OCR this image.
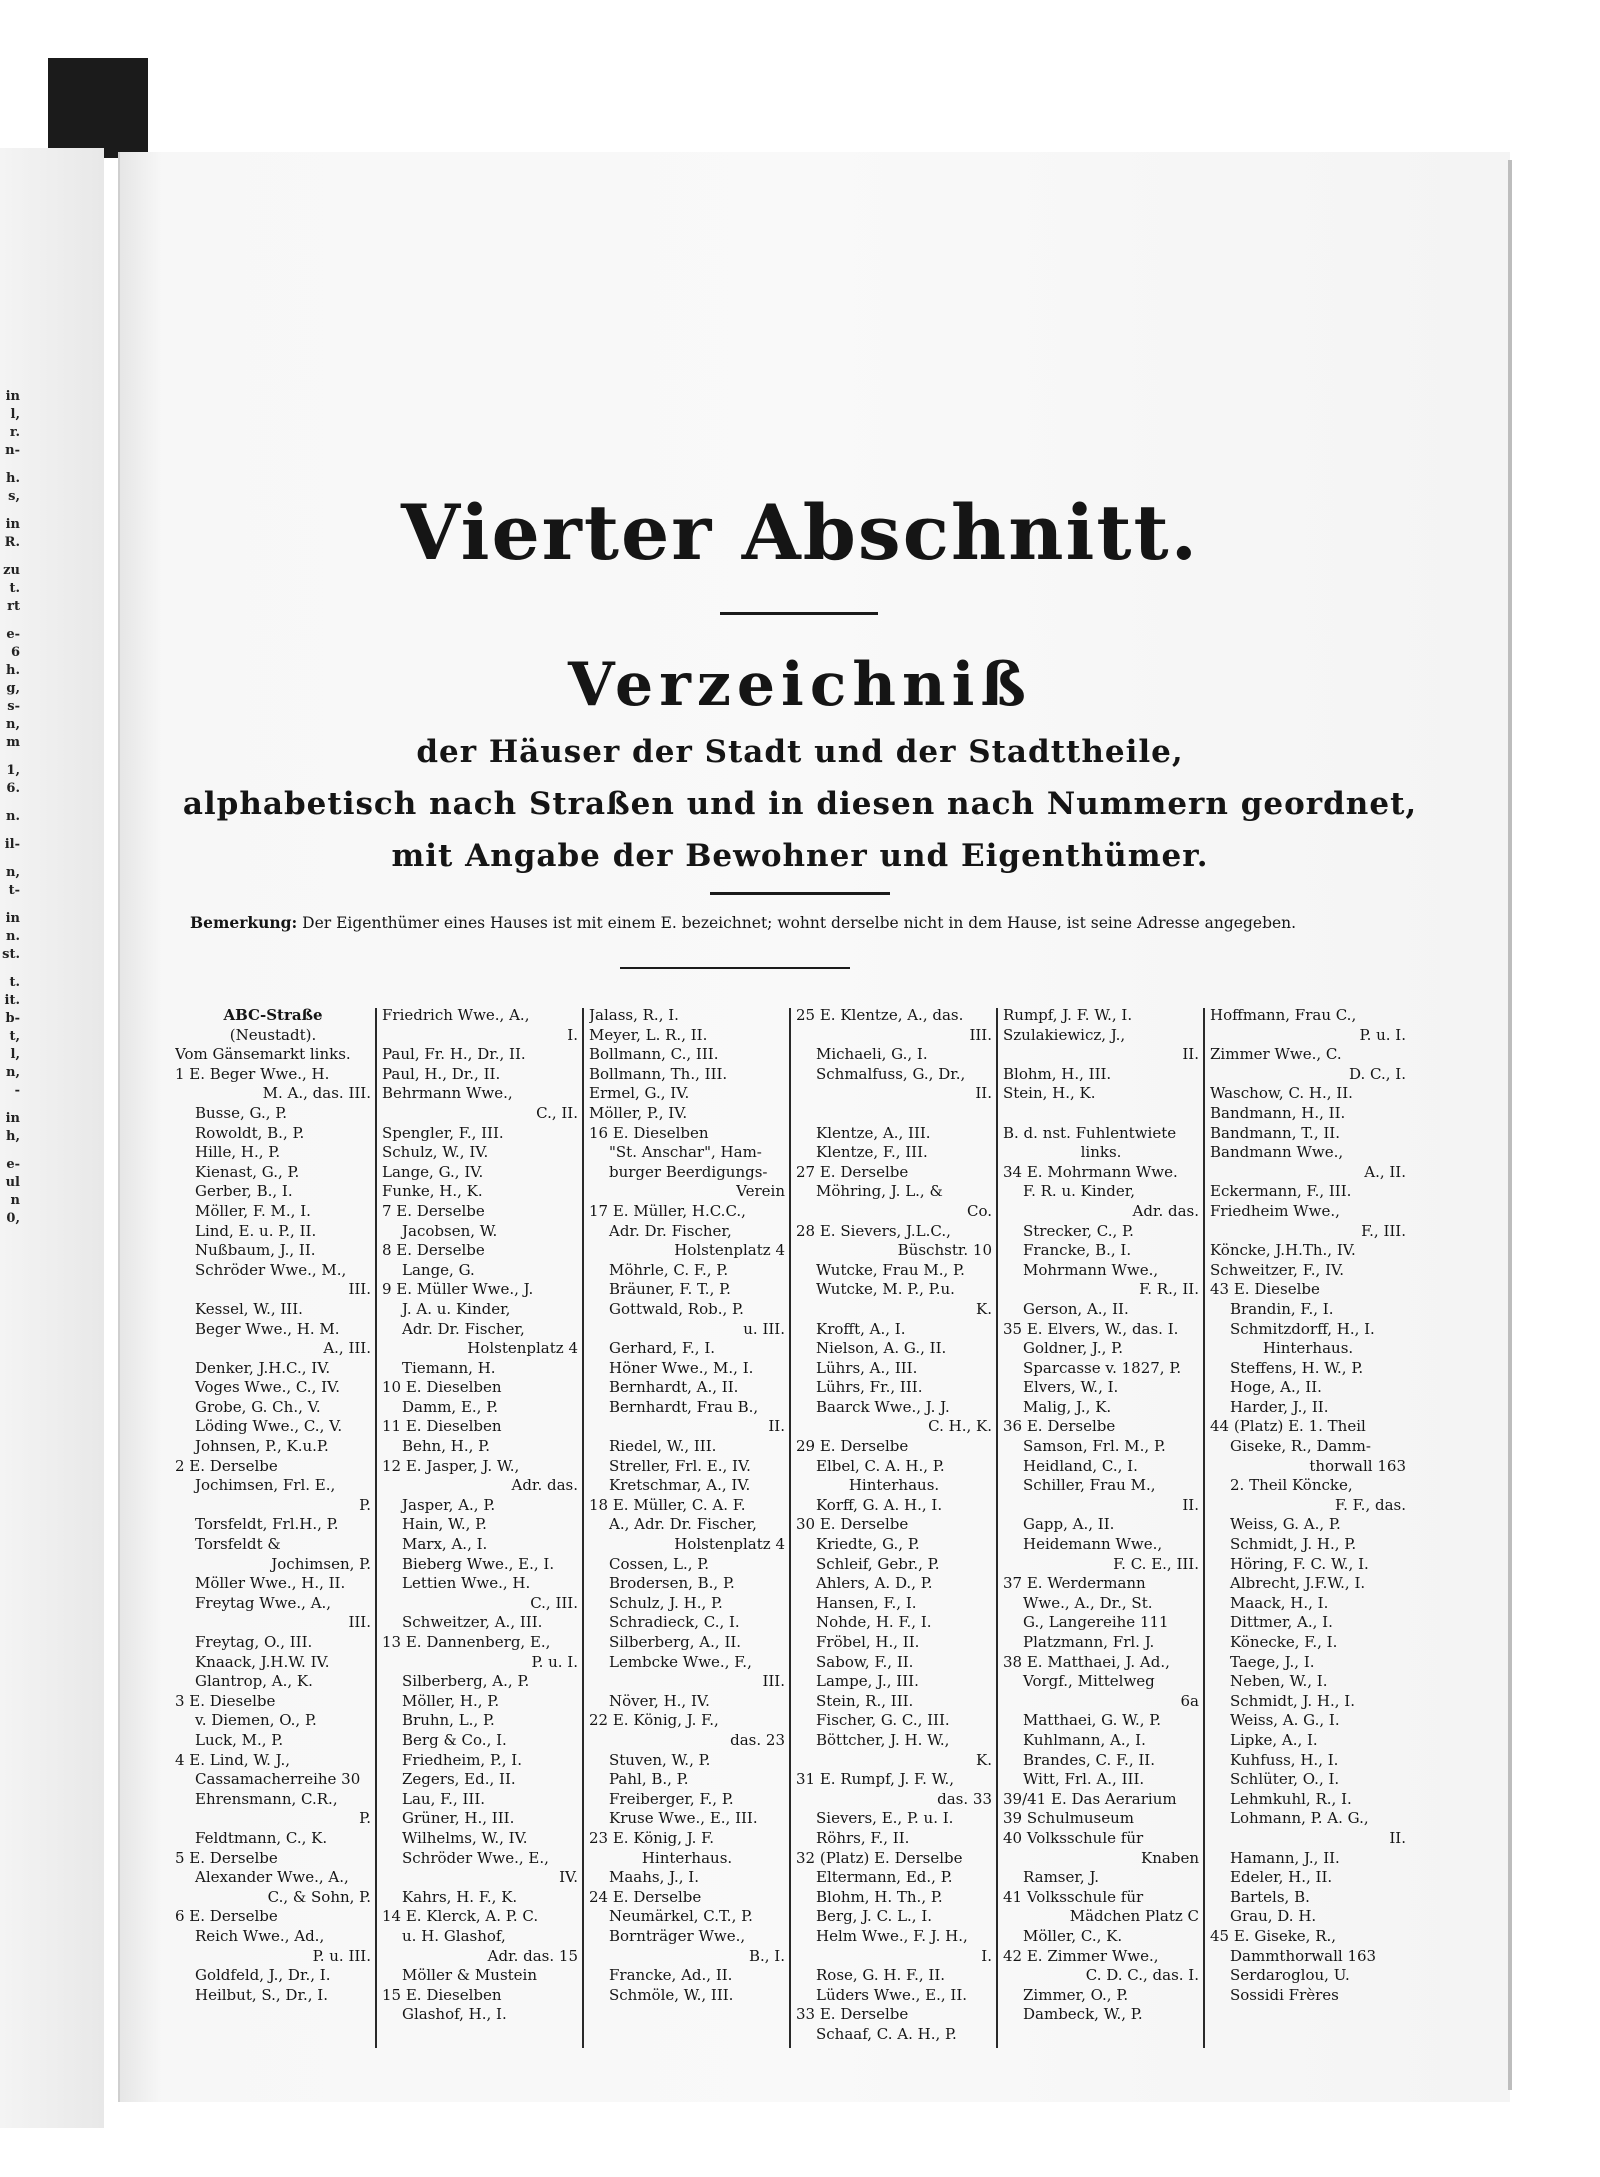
in
l,
r.
n-
h.
s,
in
R.
zu
t.
rt
e-
6
h.
g,
s-
n,
m
1,
6.
n.
il-
n,
t-
in
n.
st.
t.
it.
b-
t,
l,
n,
-
in
h,
e-
ul
n
0,
Vierter Abschnitt.
Verzeichniß
der Häuser der Stadt und der Stadttheile,
alphabetisch nach Straßen und in diesen nach Nummern geordnet,
mit Angabe der Bewohner und Eigenthümer.
Bemerkung: Der Eigenthümer eines Hauses ist mit einem E. bezeichnet; wohnt derselbe nicht in dem Hause, ist seine Adresse angegeben.
ABC-Straße
(Neustadt).
Vom Gänsemarkt links.
1 E. Beger Wwe., H.
M. A., das. III.
Busse, G., P.
Rowoldt, B., P.
Hille, H., P.
Kienast, G., P.
Gerber, B., I.
Möller, F. M., I.
Lind, E. u. P., II.
Nußbaum, J., II.
Schröder Wwe., M.,
III.
Kessel, W., III.
Beger Wwe., H. M.
A., III.
Denker, J.H.C., IV.
Voges Wwe., C., IV.
Grobe, G. Ch., V.
Löding Wwe., C., V.
Johnsen, P., K.u.P.
2 E. Derselbe
Jochimsen, Frl. E.,
P.
Torsfeldt, Frl.H., P.
Torsfeldt &
Jochimsen, P.
Möller Wwe., H., II.
Freytag Wwe., A.,
III.
Freytag, O., III.
Knaack, J.H.W. IV.
Glantrop, A., K.
3 E. Dieselbe
v. Diemen, O., P.
Luck, M., P.
4 E. Lind, W. J.,
Cassamacherreihe 30
Ehrensmann, C.R.,
P.
Feldtmann, C., K.
5 E. Derselbe
Alexander Wwe., A.,
C., & Sohn, P.
6 E. Derselbe
Reich Wwe., Ad.,
P. u. III.
Goldfeld, J., Dr., I.
Heilbut, S., Dr., I.
Friedrich Wwe., A.,
I.
Paul, Fr. H., Dr., II.
Paul, H., Dr., II.
Behrmann Wwe.,
C., II.
Spengler, F., III.
Schulz, W., IV.
Lange, G., IV.
Funke, H., K.
7 E. Derselbe
Jacobsen, W.
8 E. Derselbe
Lange, G.
9 E. Müller Wwe., J.
J. A. u. Kinder,
Adr. Dr. Fischer,
Holstenplatz 4
Tiemann, H.
10 E. Dieselben
Damm, E., P.
11 E. Dieselben
Behn, H., P.
12 E. Jasper, J. W.,
Adr. das.
Jasper, A., P.
Hain, W., P.
Marx, A., I.
Bieberg Wwe., E., I.
Lettien Wwe., H.
C., III.
Schweitzer, A., III.
13 E. Dannenberg, E.,
P. u. I.
Silberberg, A., P.
Möller, H., P.
Bruhn, L., P.
Berg & Co., I.
Friedheim, P., I.
Zegers, Ed., II.
Lau, F., III.
Grüner, H., III.
Wilhelms, W., IV.
Schröder Wwe., E.,
IV.
Kahrs, H. F., K.
14 E. Klerck, A. P. C.
u. H. Glashof,
Adr. das. 15
Möller & Mustein
15 E. Dieselben
Glashof, H., I.
Jalass, R., I.
Meyer, L. R., II.
Bollmann, C., III.
Bollmann, Th., III.
Ermel, G., IV.
Möller, P., IV.
16 E. Dieselben
"St. Anschar", Ham-
burger Beerdigungs-
Verein
17 E. Müller, H.C.C.,
Adr. Dr. Fischer,
Holstenplatz 4
Möhrle, C. F., P.
Bräuner, F. T., P.
Gottwald, Rob., P.
u. III.
Gerhard, F., I.
Höner Wwe., M., I.
Bernhardt, A., II.
Bernhardt, Frau B.,
II.
Riedel, W., III.
Streller, Frl. E., IV.
Kretschmar, A., IV.
18 E. Müller, C. A. F.
A., Adr. Dr. Fischer,
Holstenplatz 4
Cossen, L., P.
Brodersen, B., P.
Schulz, J. H., P.
Schradieck, C., I.
Silberberg, A., II.
Lembcke Wwe., F.,
III.
Növer, H., IV.
22 E. König, J. F.,
das. 23
Stuven, W., P.
Pahl, B., P.
Freiberger, F., P.
Kruse Wwe., E., III.
23 E. König, J. F.
Hinterhaus.
Maahs, J., I.
24 E. Derselbe
Neumärkel, C.T., P.
Bornträger Wwe.,
B., I.
Francke, Ad., II.
Schmöle, W., III.
25 E. Klentze, A., das.
III.
Michaeli, G., I.
Schmalfuss, G., Dr.,
II.

Klentze, A., III.
Klentze, F., III.
27 E. Derselbe
Möhring, J. L., &
Co.
28 E. Sievers, J.L.C.,
Büschstr. 10
Wutcke, Frau M., P.
Wutcke, M. P., P.u.
K.
Krofft, A., I.
Nielson, A. G., II.
Lührs, A., III.
Lührs, Fr., III.
Baarck Wwe., J. J.
C. H., K.
29 E. Derselbe
Elbel, C. A. H., P.
Hinterhaus.
Korff, G. A. H., I.
30 E. Derselbe
Kriedte, G., P.
Schleif, Gebr., P.
Ahlers, A. D., P.
Hansen, F., I.
Nohde, H. F., I.
Fröbel, H., II.
Sabow, F., II.
Lampe, J., III.
Stein, R., III.
Fischer, G. C., III.
Böttcher, J. H. W.,
K.
31 E. Rumpf, J. F. W.,
das. 33
Sievers, E., P. u. I.
Röhrs, F., II.
32 (Platz) E. Derselbe
Eltermann, Ed., P.
Blohm, H. Th., P.
Berg, J. C. L., I.
Helm Wwe., F. J. H.,
I.
Rose, G. H. F., II.
Lüders Wwe., E., II.
33 E. Derselbe
Schaaf, C. A. H., P.
Rumpf, J. F. W., I.
Szulakiewicz, J.,
II.
Blohm, H., III.
Stein, H., K.

B. d. nst. Fuhlentwiete
links.
34 E. Mohrmann Wwe.
F. R. u. Kinder,
Adr. das.
Strecker, C., P.
Francke, B., I.
Mohrmann Wwe.,
F. R., II.
Gerson, A., II.
35 E. Elvers, W., das. I.
Goldner, J., P.
Sparcasse v. 1827, P.
Elvers, W., I.
Malig, J., K.
36 E. Derselbe
Samson, Frl. M., P.
Heidland, C., I.
Schiller, Frau M.,
II.
Gapp, A., II.
Heidemann Wwe.,
F. C. E., III.
37 E. Werdermann
Wwe., A., Dr., St.
G., Langereihe 111
Platzmann, Frl. J.
38 E. Matthaei, J. Ad.,
Vorgf., Mittelweg
6a
Matthaei, G. W., P.
Kuhlmann, A., I.
Brandes, C. F., II.
Witt, Frl. A., III.
39/41 E. Das Aerarium
39 Schulmuseum
40 Volksschule für
Knaben
Ramser, J.
41 Volksschule für
Mädchen Platz C
Möller, C., K.
42 E. Zimmer Wwe.,
C. D. C., das. I.
Zimmer, O., P.
Dambeck, W., P.
Hoffmann, Frau C.,
P. u. I.
Zimmer Wwe., C.
D. C., I.
Waschow, C. H., II.
Bandmann, H., II.
Bandmann, T., II.
Bandmann Wwe.,
A., II.
Eckermann, F., III.
Friedheim Wwe.,
F., III.
Köncke, J.H.Th., IV.
Schweitzer, F., IV.
43 E. Dieselbe
Brandin, F., I.
Schmitzdorff, H., I.
Hinterhaus.
Steffens, H. W., P.
Hoge, A., II.
Harder, J., II.
44 (Platz) E. 1. Theil
Giseke, R., Damm-
thorwall 163
2. Theil Köncke,
F. F., das.
Weiss, G. A., P.
Schmidt, J. H., P.
Höring, F. C. W., I.
Albrecht, J.F.W., I.
Maack, H., I.
Dittmer, A., I.
Könecke, F., I.
Taege, J., I.
Neben, W., I.
Schmidt, J. H., I.
Weiss, A. G., I.
Lipke, A., I.
Kuhfuss, H., I.
Schlüter, O., I.
Lehmkuhl, R., I.
Lohmann, P. A. G.,
II.
Hamann, J., II.
Edeler, H., II.
Bartels, B.
Grau, D. H.
45 E. Giseke, R.,
Dammthorwall 163
Serdaroglou, U.
Sossidi Frères
